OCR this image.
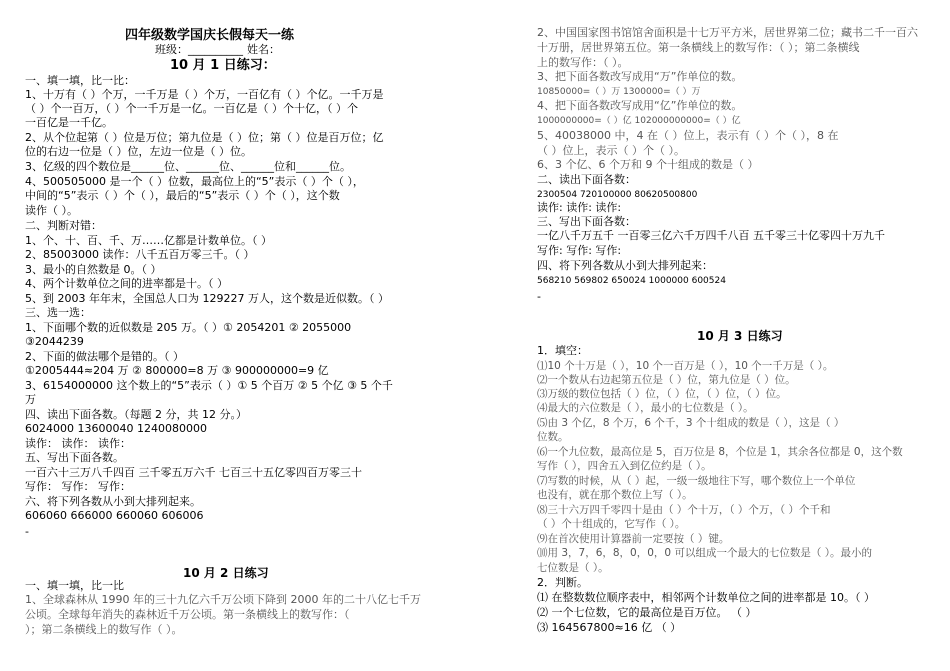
四年级数学国庆长假每天一练
班级：__________ 姓名：
10 月 1 日练习：
一、填一填，比一比：
1、十万有（ ）个万，一千万是（ ）个万，一百亿有（ ）个亿。一千万是
（ ）个一百万，（ ）个一千万是一亿。一百亿是（ ）个十亿，（ ）个
一百亿是一千亿。
2、从个位起第（ ）位是万位；第九位是（ ）位；第（ ）位是百万位；亿
位的右边一位是（ ）位，左边一位是（ ）位。
3、亿级的四个数位是______位、______位、______位和______位。
4、500505000 是一个（ ）位数，最高位上的“5”表示（ ）个（ ），
中间的“5”表示（ ）个（ ），最后的“5”表示（ ）个（ ），这个数
读作（ ）。
二、判断对错：
1、个、十、百、千、万……亿都是计数单位。（ ）
2、85003000 读作：八千五百万零三千。（ ）
3、最小的自然数是 0。（ ）
4、两个计数单位之间的进率都是十。（ ）
5、到 2003 年年末，全国总人口为 129227 万人，这个数是近似数。（ ）
三、选一选：
1、下面哪个数的近似数是 205 万。（ ）① 2054201 ② 2055000
③2044239
2、下面的做法哪个是错的。（ ）
①2005444≈204 万 ② 800000=8 万 ③ 900000000=9 亿
3、6154000000 这个数上的“5”表示（ ）① 5 个百万 ② 5 个亿 ③ 5 个千
万
四、读出下面各数。（每题 2 分，共 12 分。）
6024000 13600040 1240080000
读作： 读作： 读作：
五、写出下面各数。
一百六十三万八千四百 三千零五万六千 七百三十五亿零四百万零三十
写作： 写作： 写作：
六、将下列各数从小到大排列起来。
606060 666000 660060 606006
-
10 月 2 日练习
一、填一填，比一比
1、全球森林从 1990 年的三十九亿六千万公顷下降到 2000 年的二十八亿七千万
公顷。全球每年消失的森林近千万公顷。第一条横线上的数写作：（
）；第二条横线上的数写作（ ）。
2、中国国家图书馆馆舍面积是十七万平方米，居世界第二位；藏书二千一百六
十万册，居世界第五位。第一条横线上的数写作：（ ）；第二条横线
上的数写作：（ ）。
3、把下面各数改写成用“万”作单位的数。
10850000=（ ）万 1300000=（ ）万
4、把下面各数改写成用“亿”作单位的数。
1000000000=（ ）亿 102000000000=（ ）亿
5、40038000 中，4 在（ ）位上，表示有（ ）个（ ），8 在
（ ）位上，表示（ ）个（ ）。
6、3 个亿、6 个万和 9 个十组成的数是（ ）
二、读出下面各数：
2300504 720100000 80620500800
读作: 读作: 读作:
三、写出下面各数：
一亿八千万五千 一百零三亿六千万四千八百 五千零三十亿零四十万九千
写作: 写作: 写作:
四、将下列各数从小到大排列起来：
568210 569802 650024 1000000 600524
-
10 月 3 日练习
1．填空：
⑴10 个十万是（ ），10 个一百万是（ ），10 个一千万是（ ）。
⑵一个数从右边起第五位是（ ）位，第九位是（ ）位。
⑶万级的数位包括（ ）位，（ ）位，（ ）位，（ ）位。
⑷最大的六位数是（ ），最小的七位数是（ ）。
⑸由 3 个亿，8 个万，6 个千，3 个十组成的数是（ ），这是（ ）
位数。
⑹一个九位数，最高位是 5，百万位是 8，个位是 1，其余各位都是 0，这个数
写作（ ），四舍五入到亿位约是（ ）。
⑺写数的时候，从（ ）起，一级一级地往下写，哪个数位上一个单位
也没有，就在那个数位上写（ ）。
⑻三十六万四千零四十是由（ ）个十万，（ ）个万，（ ）个千和
（ ）个十组成的，它写作（ ）。
⑼在首次使用计算器前一定要按（ ）键。
⑽用 3，7，6，8，0，0，0 可以组成一个最大的七位数是（ ）。最小的
七位数是（ ）。
2．判断。
⑴ 在整数数位顺序表中，相邻两个计数单位之间的进率都是 10。（ ）
⑵ 一个七位数，它的最高位是百万位。 （ ）
⑶ 164567800≈16 亿 （ ）
